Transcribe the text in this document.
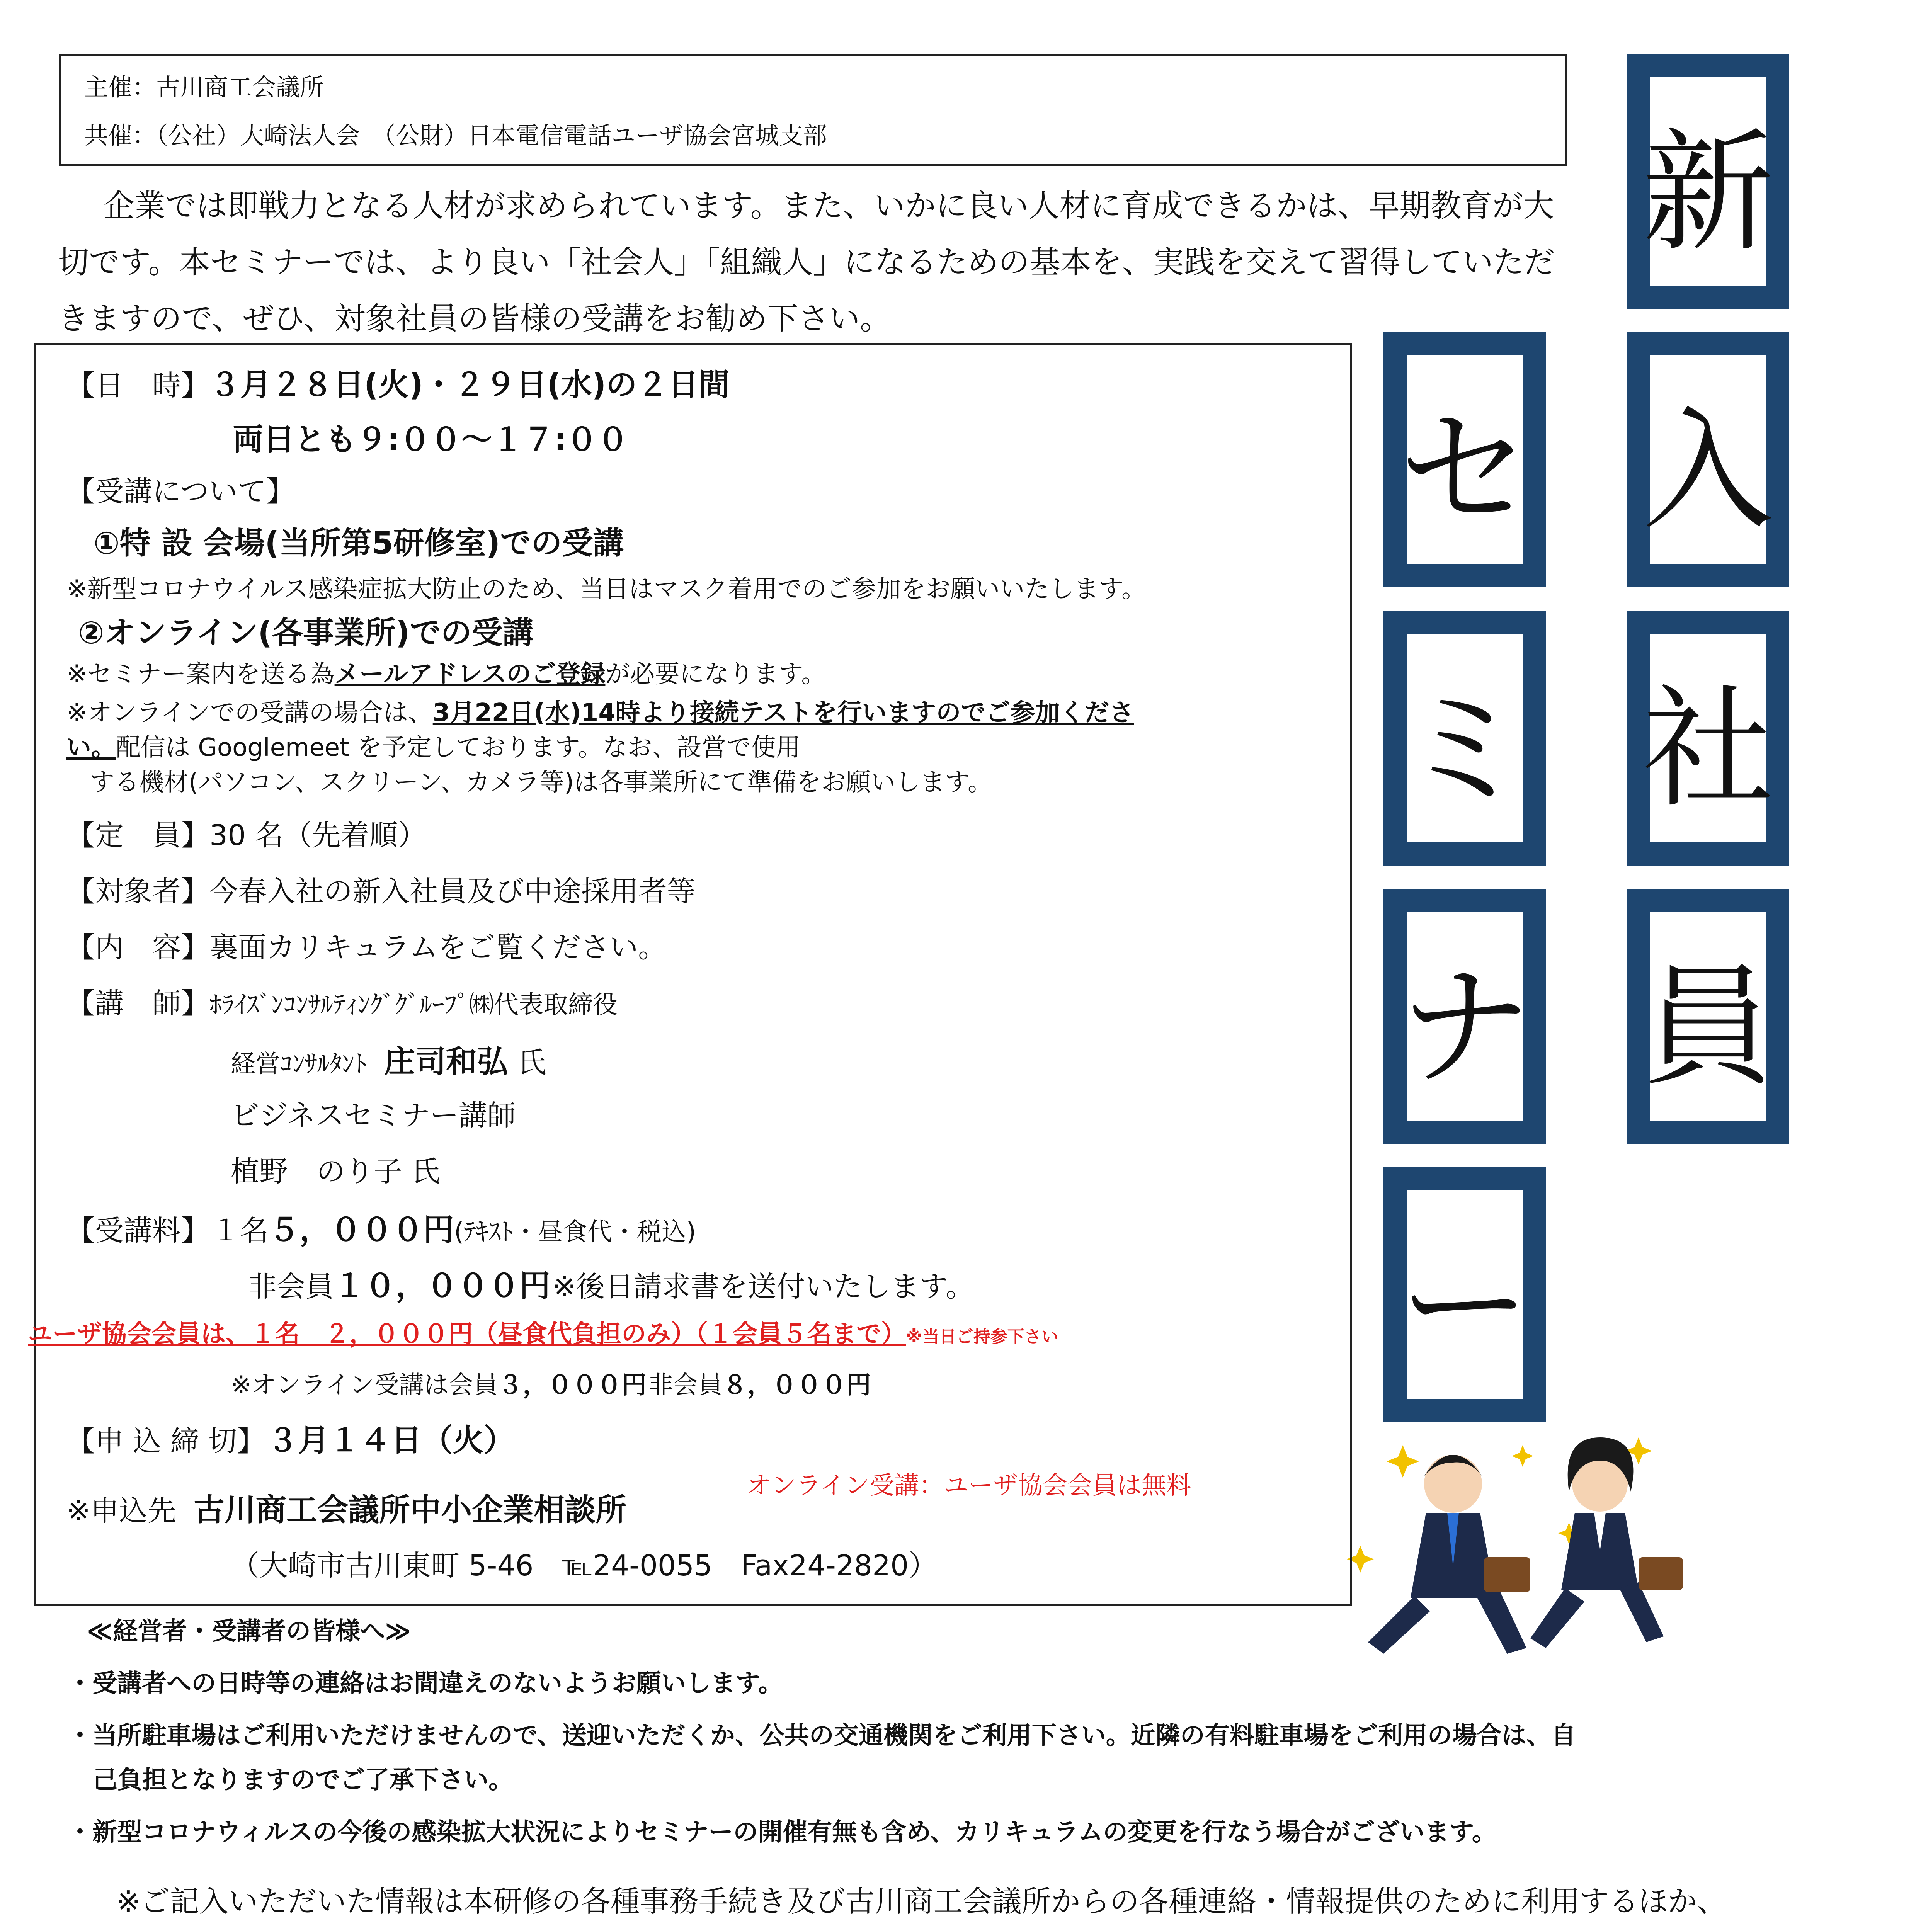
主催：古川商工会議所
共催：（公社）大崎法人会　（公財）日本電信電話ユーザ協会宮城支部
企業では即戦力となる人材が求められています。また、いかに良い人材に育成できるかは、早期教育が大切です。本セミナーでは、より良い「社会人」「組織人」になるための基本を、実践を交えて習得していただきますので、ぜひ、対象社員の皆様の受講をお勧め下さい。
新
入
社
員
セ
ミ
ナ
ー
【日　時】３月２８日(火)・２９日(水)の２日間
両日とも９:００～１７:００
【受講について】
①特 設 会場(当所第5研修室)での受講
※新型コロナウイルス感染症拡大防止のため、当日はマスク着用でのご参加をお願いいたします。
②オンライン(各事業所)での受講
※セミナー案内を送る為メールアドレスのご登録が必要になります。
※オンラインでの受講の場合は、3月22日(水)14時より接続テストを行いますのでご参加くださ
い。配信は Googlemeet を予定しております。なお、設営で使用
する機材(パソコン、スクリーン、カメラ等)は各事業所にて準備をお願いします。
【定　員】30 名（先着順）
【対象者】今春入社の新入社員及び中途採用者等
【内　容】裏面カリキュラムをご覧ください。
【講　師】ﾎﾗｲｽﾞﾝｺﾝｻﾙﾃｨﾝｸﾞｸﾞﾙｰﾌﾟ㈱代表取締役
経営ｺﾝｻﾙﾀﾝﾄ 庄司和弘 氏
ビジネスセミナー講師
植野　のり子 氏
【受講料】 １名５，０００円(ﾃｷｽﾄ・昼食代・税込)
非会員１０，０００円 ※後日請求書を送付いたします。
ユーザ協会会員は、１名　２，０００円（昼食代負担のみ）（１会員５名まで）※当日ご持参下さい
※オンライン受講は会員３，０００円 非会員８，０００円
【申 込 締 切】 ３月１４日（火）
オンライン受講：ユーザ協会会員は無料
※申込先 古川商工会議所中小企業相談所
（大崎市古川東町 5-46　℡24-0055　Fax24-2820）
≪経営者・受講者の皆様へ≫
・受講者への日時等の連絡はお間違えのないようお願いします。
・当所駐車場はご利用いただけませんので、送迎いただくか、公共の交通機関をご利用下さい。近隣の有料駐車場をご利用の場合は、自
己負担となりますのでご了承下さい。
・新型コロナウィルスの今後の感染拡大状況によりセミナーの開催有無も含め、カリキュラムの変更を行なう場合がございます。
※ご記入いただいた情報は本研修の各種事務手続き及び古川商工会議所からの各種連絡・情報提供のために利用するほか、
